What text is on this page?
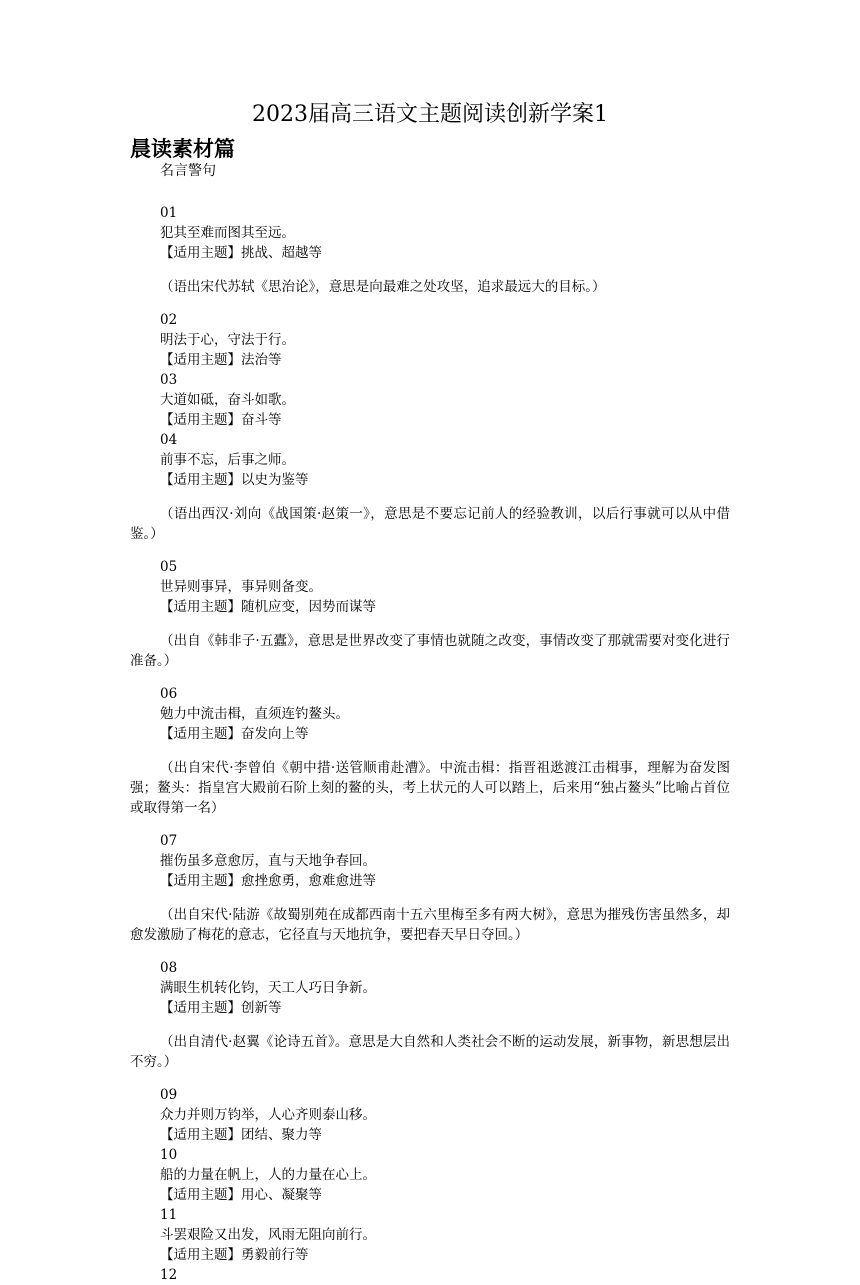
2023届高三语文主题阅读创新学案1
晨读素材篇
名言警句

01

犯其至难而图其至远。

【适用主题】挑战、超越等

（语出宋代苏轼《思治论》，意思是向最难之处攻坚，追求最远大的目标。）

02

明法于心，守法于行。

【适用主题】法治等

03

大道如砥，奋斗如歌。

【适用主题】奋斗等

04

前事不忘，后事之师。

【适用主题】以史为鉴等

（语出西汉·刘向《战国策·赵策一》，意思是不要忘记前人的经验教训，以后行事就可以从中借鉴。）

05

世异则事异，事异则备变。

【适用主题】随机应变，因势而谋等

（出自《韩非子·五蠹》，意思是世界改变了事情也就随之改变，事情改变了那就需要对变化进行准备。）

06

勉力中流击楫，直须连钓鳌头。

【适用主题】奋发向上等

（出自宋代·李曾伯《朝中措·送管顺甫赴漕》。中流击楫：指晋祖逖渡江击楫事，理解为奋发图强；鳌头：指皇宫大殿前石阶上刻的鳌的头，考上状元的人可以踏上，后来用“独占鳌头”比喻占首位或取得第一名）

07

摧伤虽多意愈厉，直与天地争春回。

【适用主题】愈挫愈勇，愈难愈进等

（出自宋代·陆游《故蜀别苑在成都西南十五六里梅至多有两大树》，意思为摧残伤害虽然多，却愈发激励了梅花的意志，它径直与天地抗争，要把春天早日夺回。）

08

满眼生机转化钧，天工人巧日争新。

【适用主题】创新等

（出自清代·赵翼《论诗五首》。意思是大自然和人类社会不断的运动发展，新事物，新思想层出不穷。）

09

众力并则万钧举，人心齐则泰山移。

【适用主题】团结、聚力等

10

船的力量在帆上，人的力量在心上。

【适用主题】用心、凝聚等

11

斗罢艰险又出发，风雨无阻向前行。

【适用主题】勇毅前行等

12
